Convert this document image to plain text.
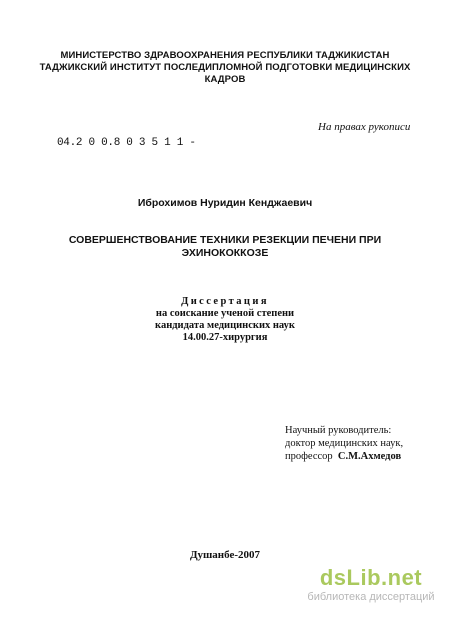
МИНИСТЕРСТВО ЗДРАВООХРАНЕНИЯ РЕСПУБЛИКИ ТАДЖИКИСТАН
ТАДЖИКСКИЙ ИНСТИТУТ ПОСЛЕДИПЛОМНОЙ ПОДГОТОВКИ МЕДИЦИНСКИХ
КАДРОВ
На правах рукописи
04.2 0 0.8 0 3 5 1 1 -
Иброхимов Нуридин Кенджаевич
СОВЕРШЕНСТВОВАНИЕ ТЕХНИКИ РЕЗЕКЦИИ ПЕЧЕНИ ПРИ
ЭХИНОКОККОЗЕ
Диссертация
на соискание ученой степени
кандидата медицинских наук
14.00.27-хирургия
Научный руководитель:
доктор медицинских наук,
профессор С.М.Ахмедов
Душанбе-2007
dsLib.net
библиотека диссертаций
